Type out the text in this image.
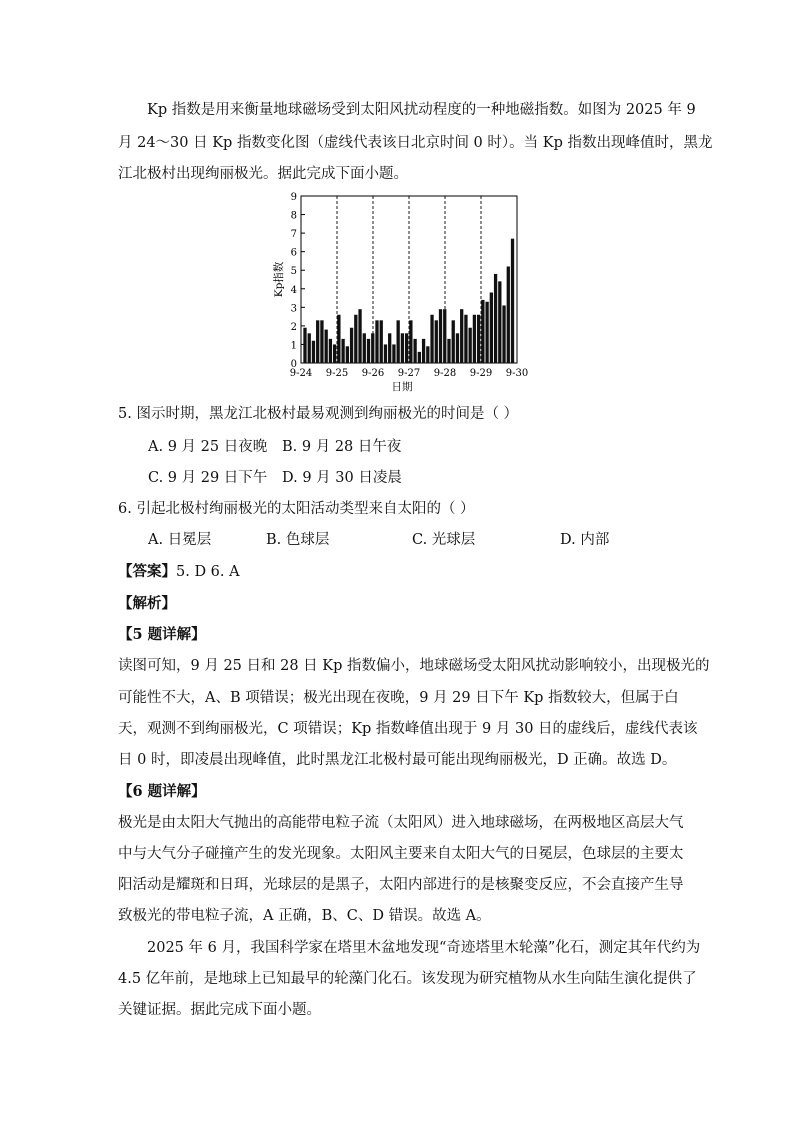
Kp 指数是用来衡量地球磁场受到太阳风扰动程度的一种地磁指数。如图为 2025 年 9
月 24～30 日 Kp 指数变化图（虚线代表该日北京时间 0 时）。当 Kp 指数出现峰值时，黑龙
江北极村出现绚丽极光。据此完成下面小题。
0
1
2
3
4
5
6
7
8
9
9-24 9-25 9-26 9-27 9-28 9-29 9-30
Kp指数
日期
5. 图示时期，黑龙江北极村最易观测到绚丽极光的时间是（ ）
A. 9 月 25 日夜晚 B. 9 月 28 日午夜
C. 9 月 29 日下午 D. 9 月 30 日凌晨
6. 引起北极村绚丽极光的太阳活动类型来自太阳的（ ）
A. 日冕层	B. 色球层	C. 光球层	D. 内部
【答案】5. D 6. A
【解析】
【5 题详解】
读图可知，9 月 25 日和 28 日 Kp 指数偏小，地球磁场受太阳风扰动影响较小，出现极光的
可能性不大，A、B 项错误；极光出现在夜晚，9 月 29 日下午 Kp 指数较大，但属于白
天，观测不到绚丽极光，C 项错误；Kp 指数峰值出现于 9 月 30 日的虚线后，虚线代表该
日 0 时，即凌晨出现峰值，此时黑龙江北极村最可能出现绚丽极光，D 正确。故选 D。
【6 题详解】
极光是由太阳大气抛出的高能带电粒子流（太阳风）进入地球磁场，在两极地区高层大气
中与大气分子碰撞产生的发光现象。太阳风主要来自太阳大气的日冕层，色球层的主要太
阳活动是耀斑和日珥，光球层的是黑子，太阳内部进行的是核聚变反应，不会直接产生导
致极光的带电粒子流，A 正确，B、C、D 错误。故选 A。
2025 年 6 月，我国科学家在塔里木盆地发现“奇迹塔里木轮藻”化石，测定其年代约为
4.5 亿年前，是地球上已知最早的轮藻门化石。该发现为研究植物从水生向陆生演化提供了
关键证据。据此完成下面小题。
